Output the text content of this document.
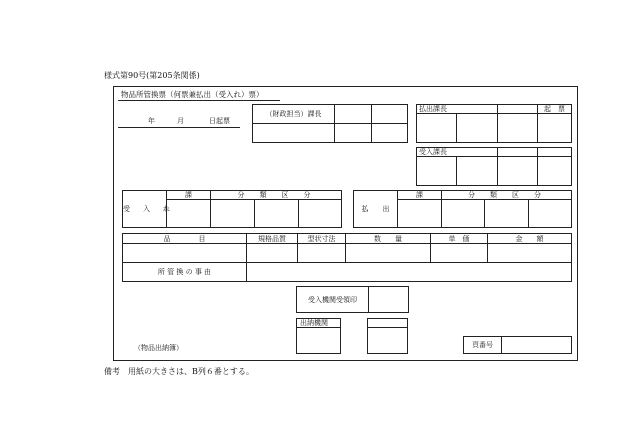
様式第90号(第205条関係)
物品所管換票（何票兼払出（受入れ）票）
年	月	日起票
（財政担当）課長		

払出課長			起　票

受入課長			

受　入　れ	課	分　類　区　分		

払　　出	課	分　類　区　分		

品　　　　目	規格品質	型状寸法	数　　量	単　価	金　　額

所 管 換 の 事 由					
受入機関受領印	
出納機関
頁番号	
（物品出納簿）
備考　用紙の大きさは、B列６番とする。
